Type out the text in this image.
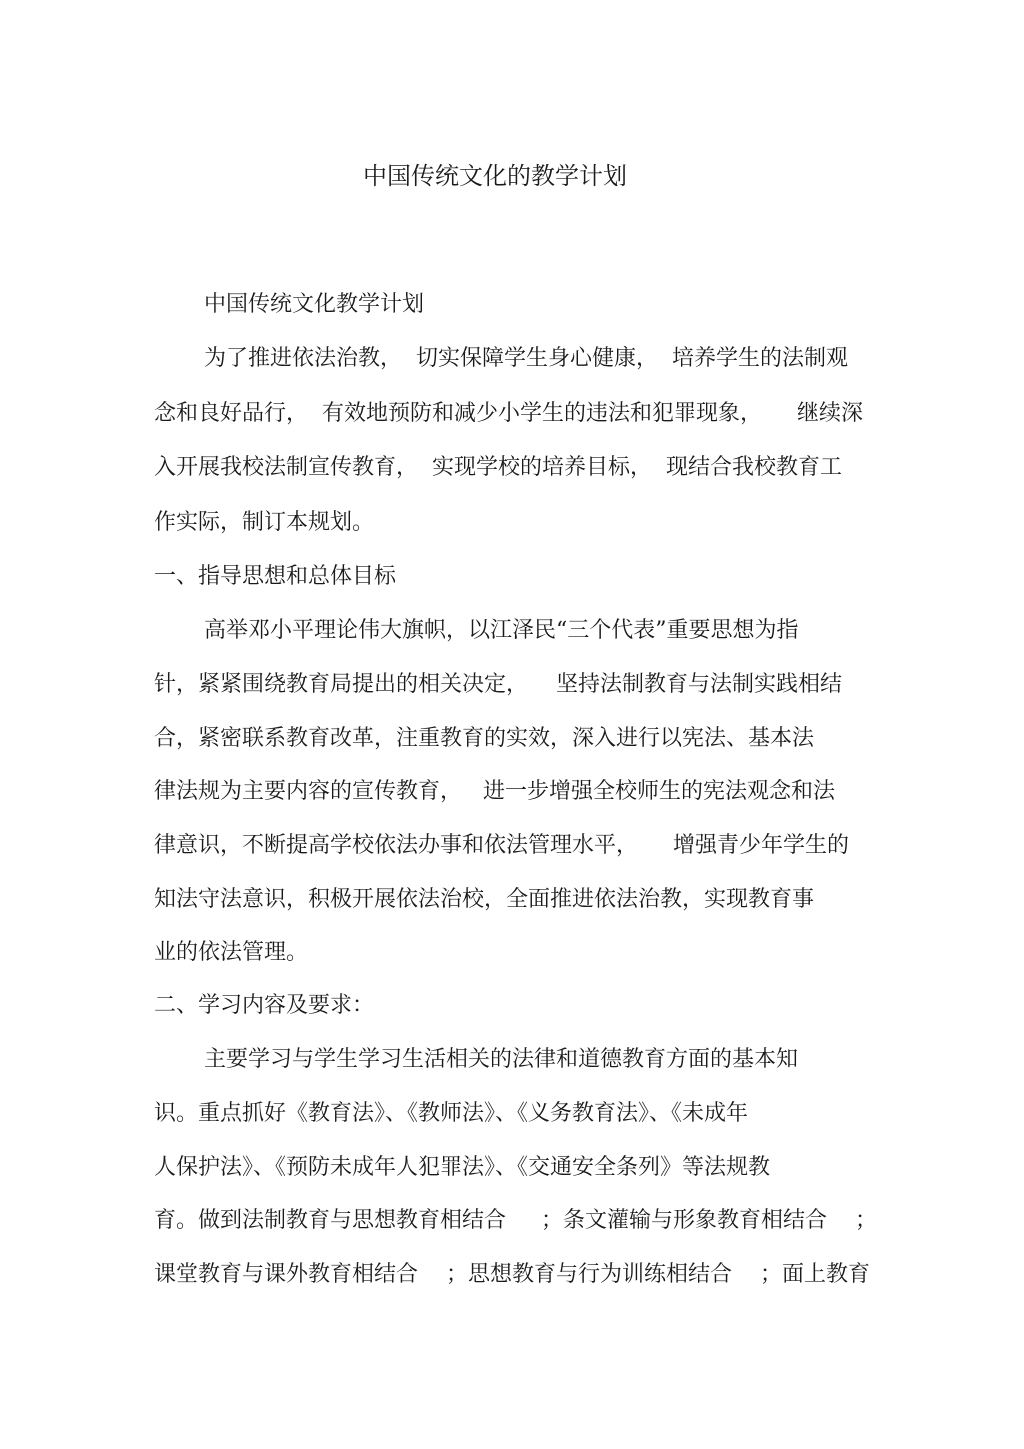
中国传统文化的教学计划

中国传统文化教学计划

为了推进依法治教，  切实保障学生身心健康，  培养学生的法制观

念和良好品行，  有效地预防和减少小学生的违法和犯罪现象，     继续深

入开展我校法制宣传教育，  实现学校的培养目标，  现结合我校教育工

作实际，制订本规划。

一、指导思想和总体目标

高举邓小平理论伟大旗帜，以江泽民“三个代表”重要思想为指

针，紧紧围绕教育局提出的相关决定，    坚持法制教育与法制实践相结

合，紧密联系教育改革，注重教育的实效，深入进行以宪法、基本法

律法规为主要内容的宣传教育，   进一步增强全校师生的宪法观念和法

律意识，不断提高学校依法办事和依法管理水平，     增强青少年学生的

知法守法意识，积极开展依法治校，全面推进依法治教，实现教育事

业的依法管理。

二、学习内容及要求：

主要学习与学生学习生活相关的法律和道德教育方面的基本知

识。重点抓好《教育法》、《教师法》、《义务教育法》、《未成年

人保护法》、《预防未成年人犯罪法》、《交通安全条列》等法规教

育。做到法制教育与思想教育相结合     ；条文灌输与形象教育相结合    ；

课堂教育与课外教育相结合    ；思想教育与行为训练相结合    ；面上教育
